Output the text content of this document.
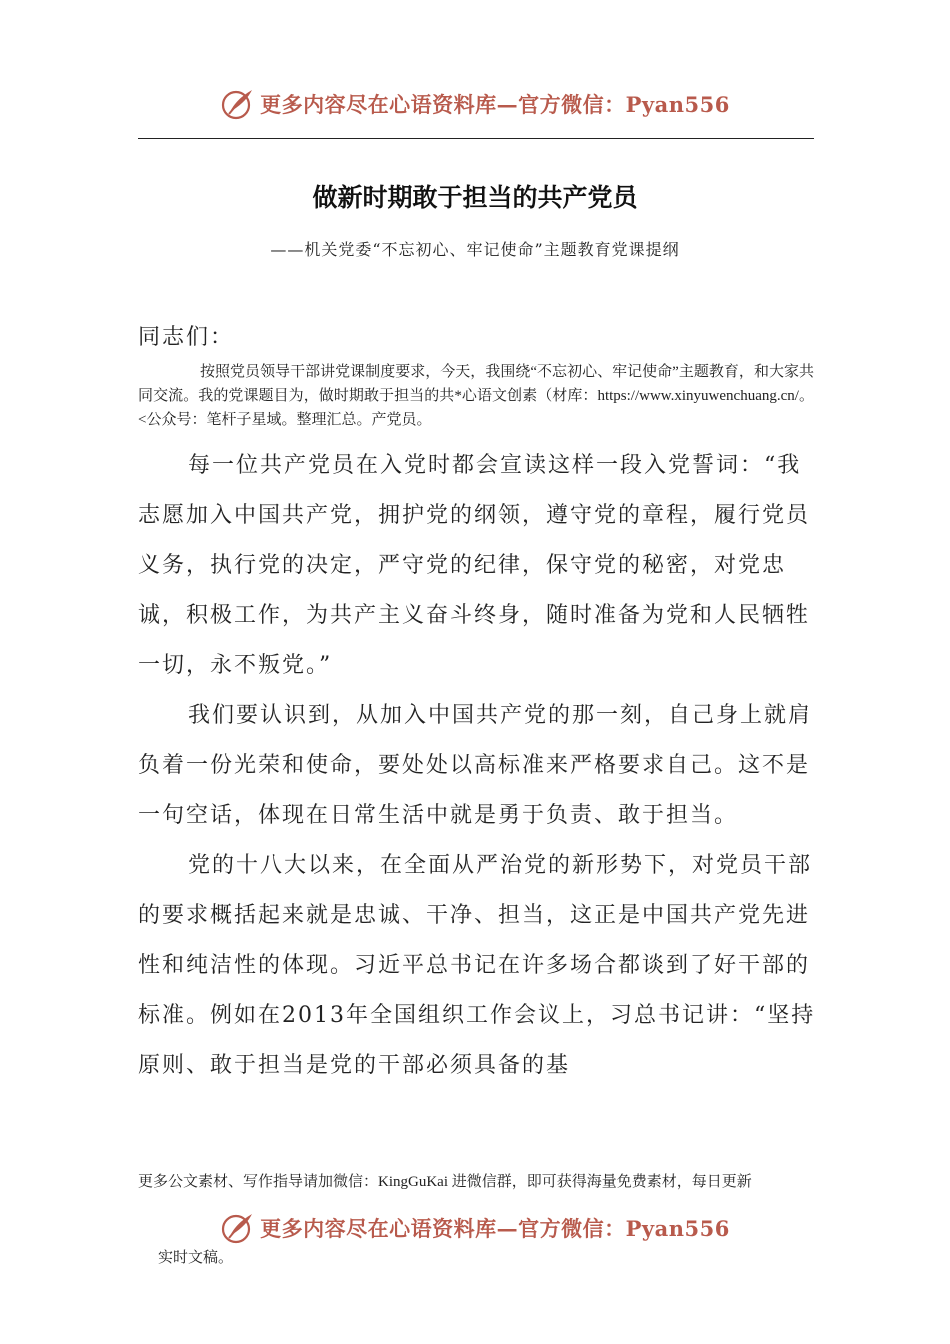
更多内容尽在心语资料库—官方微信：Pyan556
做新时期敢于担当的共产党员
——机关党委“不忘初心、牢记使命”主题教育党课提纲
同志们：
按照党员领导干部讲党课制度要求，今天，我围绕“不忘初心、牢记使命”主题教育，和大家共同交流。我的党课题目为，做时期敢于担当的共*心语文创素（材库：https://www.xinyuwenchuang.cn/。<公众号：笔杆子星域。整理汇总。产党员。

每一位共产党员在入党时都会宣读这样一段入党誓词：“我志愿加入中国共产党，拥护党的纲领，遵守党的章程，履行党员义务，执行党的决定，严守党的纪律，保守党的秘密，对党忠诚，积极工作，为共产主义奋斗终身，随时准备为党和人民牺牲一切，永不叛党。”

我们要认识到，从加入中国共产党的那一刻，自己身上就肩负着一份光荣和使命，要处处以高标准来严格要求自己。这不是一句空话，体现在日常生活中就是勇于负责、敢于担当。

党的十八大以来，在全面从严治党的新形势下，对党员干部的要求概括起来就是忠诚、干净、担当，这正是中国共产党先进性和纯洁性的体现。习近平总书记在许多场合都谈到了好干部的标准。例如在2013年全国组织工作会议上，习总书记讲：“坚持原则、敢于担当是党的干部必须具备的基

更多公文素材、写作指导请加微信：KingGuKai 进微信群，即可获得海量免费素材，每日更新
更多内容尽在心语资料库—官方微信：Pyan556
实时文稿。
